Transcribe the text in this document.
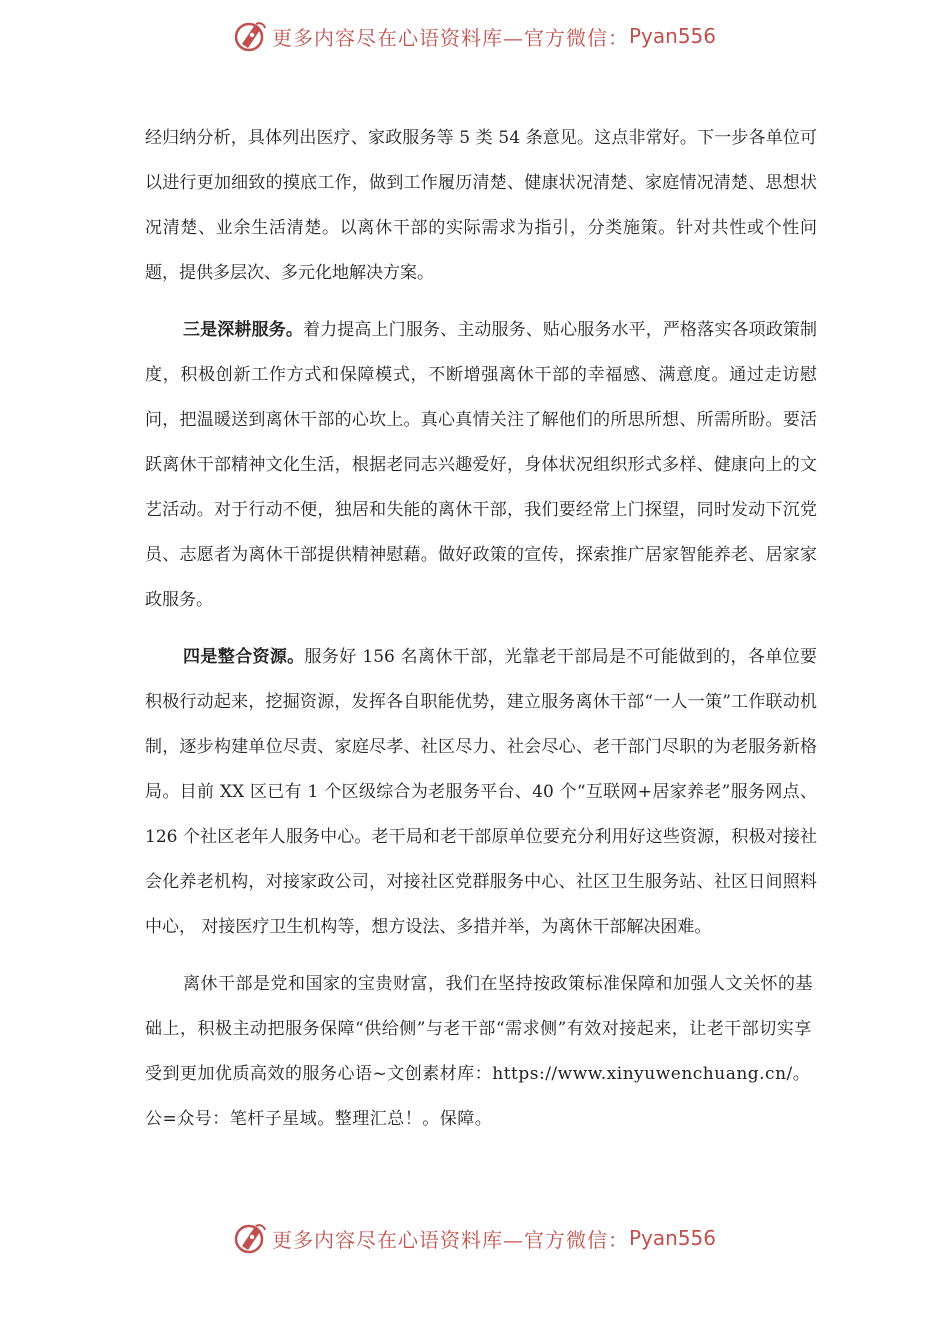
更多内容尽在心语资料库—官方微信： Pyan556

经归纳分析，具体列出医疗、家政服务等 5 类 54 条意见。这点非常好。下一步各单位可以进行更加细致的摸底工作，做到工作履历清楚、健康状况清楚、家庭情况清楚、思想状况清楚、业余生活清楚。以离休干部的实际需求为指引，分类施策。针对共性或个性问题，提供多层次、多元化地解决方案。

三是深耕服务。着力提高上门服务、主动服务、贴心服务水平，严格落实各项政策制度，积极创新工作方式和保障模式，不断增强离休干部的幸福感、满意度。通过走访慰问，把温暖送到离休干部的心坎上。真心真情关注了解他们的所思所想、所需所盼。要活跃离休干部精神文化生活，根据老同志兴趣爱好，身体状况组织形式多样、健康向上的文艺活动。对于行动不便，独居和失能的离休干部，我们要经常上门探望，同时发动下沉党员、志愿者为离休干部提供精神慰藉。做好政策的宣传，探索推广居家智能养老、居家家政服务。

四是整合资源。服务好 156 名离休干部，光靠老干部局是不可能做到的，各单位要积极行动起来，挖掘资源，发挥各自职能优势，建立服务离休干部“一人一策”工作联动机制，逐步构建单位尽责、家庭尽孝、社区尽力、社会尽心、老干部门尽职的为老服务新格局。目前 XX 区已有 1 个区级综合为老服务平台、40 个“互联网+居家养老”服务网点、126 个社区老年人服务中心。老干局和老干部原单位要充分利用好这些资源，积极对接社会化养老机构，对接家政公司，对接社区党群服务中心、社区卫生服务站、社区日间照料中心， 对接医疗卫生机构等，想方设法、多措并举，为离休干部解决困难。

离休干部是党和国家的宝贵财富，我们在坚持按政策标准保障和加强人文关怀的基础上，积极主动把服务保障“供给侧”与老干部“需求侧”有效对接起来，让老干部切实享受到更加优质高效的服务心语~文创素材库：https://www.xinyuwenchuang.cn/。公=众号：笔杆子星域。整理汇总！。保障。

更多内容尽在心语资料库—官方微信： Pyan556
